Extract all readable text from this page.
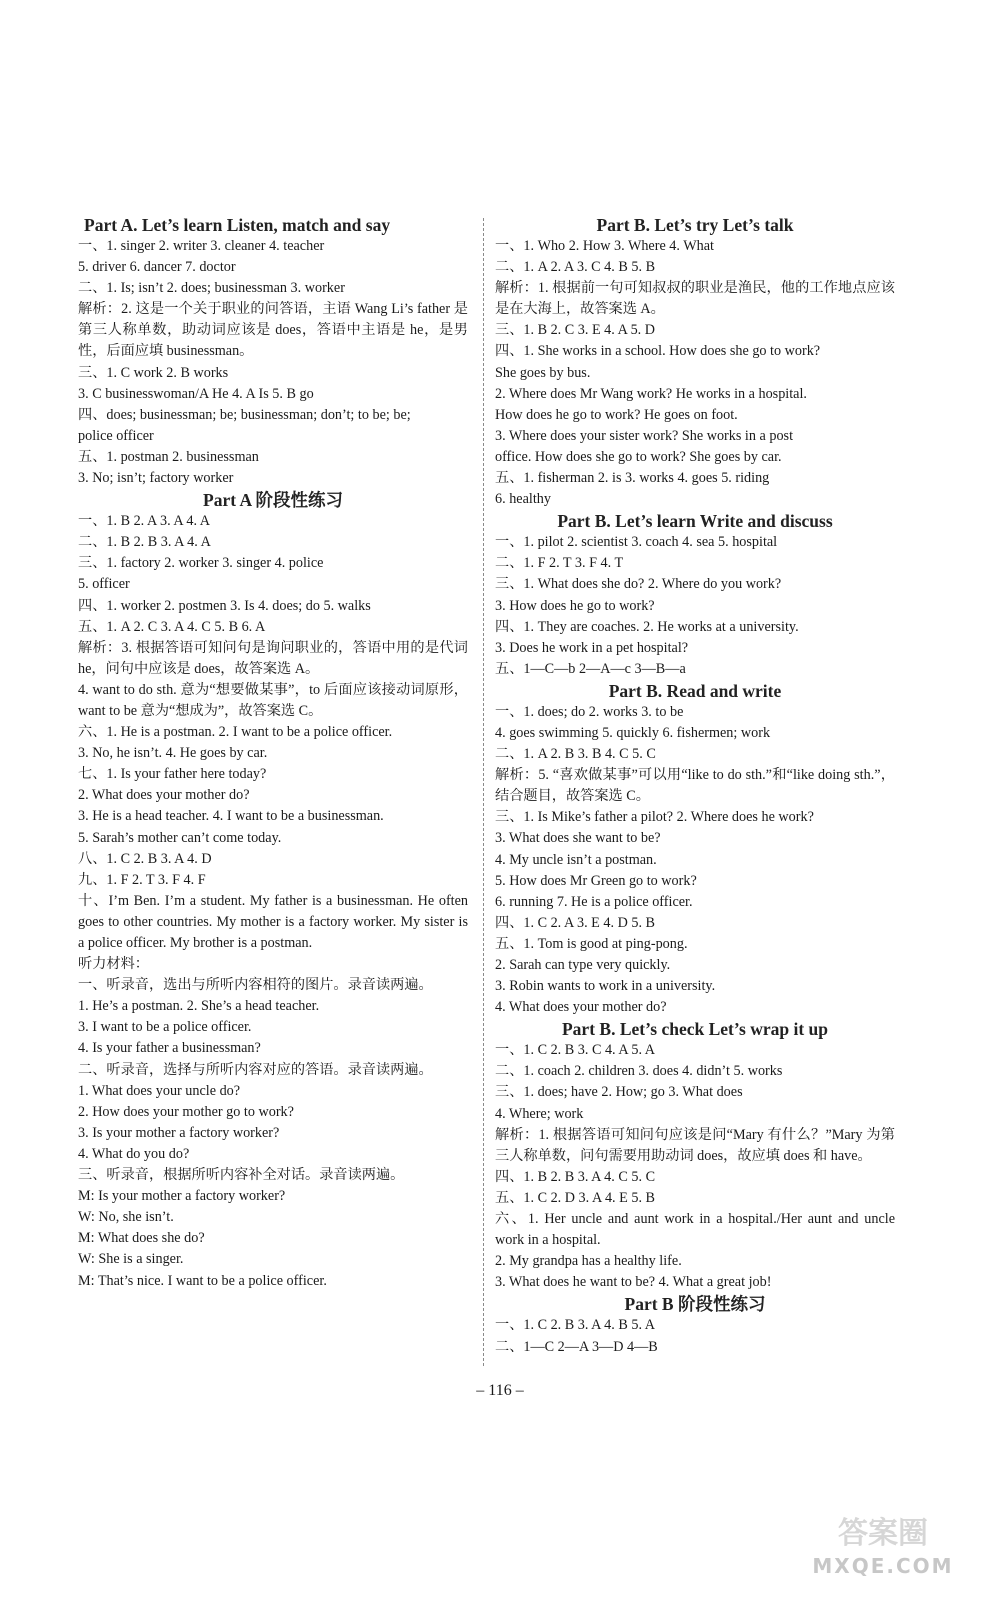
Part A. Let’s learn Listen, match and say
一、1. singer 2. writer 3. cleaner 4. teacher
5. driver 6. dancer 7. doctor
二、1. Is; isn’t 2. does; businessman 3. worker
解析：2. 这是一个关于职业的问答语，主语 Wang Li’s father 是第三人称单数，助动词应该是 does，答语中主语是 he，是男性，后面应填 businessman。
三、1. C work 2. B works
3. C businesswoman/A He 4. A Is 5. B go
四、does; businessman; be; businessman; don’t; to be; be;
police officer
五、1. postman 2. businessman
3. No; isn’t; factory worker
Part A 阶段性练习
一、1. B 2. A 3. A 4. A
二、1. B 2. B 3. A 4. A
三、1. factory 2. worker 3. singer 4. police
5. officer
四、1. worker 2. postmen 3. Is 4. does; do 5. walks
五、1. A 2. C 3. A 4. C 5. B 6. A
解析：3. 根据答语可知问句是询问职业的，答语中用的是代词 he，问句中应该是 does，故答案选 A。
4. want to do sth. 意为“想要做某事”，to 后面应该接动词原形，want to be 意为“想成为”，故答案选 C。
六、1. He is a postman. 2. I want to be a police officer.
3. No, he isn’t. 4. He goes by car.
七、1. Is your father here today?
2. What does your mother do?
3. He is a head teacher. 4. I want to be a businessman.
5. Sarah’s mother can’t come today.
八、1. C 2. B 3. A 4. D
九、1. F 2. T 3. F 4. F
十、I’m Ben. I’m a student. My father is a businessman. He often goes to other countries. My mother is a factory worker. My sister is a police officer. My brother is a postman.
听力材料：
一、听录音，选出与所听内容相符的图片。录音读两遍。
1. He’s a postman. 2. She’s a head teacher.
3. I want to be a police officer.
4. Is your father a businessman?
二、听录音，选择与所听内容对应的答语。录音读两遍。
1. What does your uncle do?
2. How does your mother go to work?
3. Is your mother a factory worker?
4. What do you do?
三、听录音，根据所听内容补全对话。录音读两遍。
M: Is your mother a factory worker?
W: No, she isn’t.
M: What does she do?
W: She is a singer.
M: That’s nice. I want to be a police officer.
Part B. Let’s try Let’s talk
一、1. Who 2. How 3. Where 4. What
二、1. A 2. A 3. C 4. B 5. B
解析：1. 根据前一句可知叔叔的职业是渔民，他的工作地点应该是在大海上，故答案选 A。
三、1. B 2. C 3. E 4. A 5. D
四、1. She works in a school. How does she go to work?
She goes by bus.
2. Where does Mr Wang work? He works in a hospital.
How does he go to work? He goes on foot.
3. Where does your sister work? She works in a post
office. How does she go to work? She goes by car.
五、1. fisherman 2. is 3. works 4. goes 5. riding
6. healthy
Part B. Let’s learn Write and discuss
一、1. pilot 2. scientist 3. coach 4. sea 5. hospital
二、1. F 2. T 3. F 4. T
三、1. What does she do? 2. Where do you work?
3. How does he go to work?
四、1. They are coaches. 2. He works at a university.
3. Does he work in a pet hospital?
五、1—C—b 2—A—c 3—B—a
Part B. Read and write
一、1. does; do 2. works 3. to be
4. goes swimming 5. quickly 6. fishermen; work
二、1. A 2. B 3. B 4. C 5. C
解析：5. “喜欢做某事”可以用“like to do sth.”和“like doing sth.”，结合题目，故答案选 C。
三、1. Is Mike’s father a pilot? 2. Where does he work?
3. What does she want to be?
4. My uncle isn’t a postman.
5. How does Mr Green go to work?
6. running 7. He is a police officer.
四、1. C 2. A 3. E 4. D 5. B
五、1. Tom is good at ping-pong.
2. Sarah can type very quickly.
3. Robin wants to work in a university.
4. What does your mother do?
Part B. Let’s check Let’s wrap it up
一、1. C 2. B 3. C 4. A 5. A
二、1. coach 2. children 3. does 4. didn’t 5. works
三、1. does; have 2. How; go 3. What does
4. Where; work
解析：1. 根据答语可知问句应该是问“Mary 有什么？”Mary 为第三人称单数，问句需要用助动词 does，故应填 does 和 have。
四、1. B 2. B 3. A 4. C 5. C
五、1. C 2. D 3. A 4. E 5. B
六、1. Her uncle and aunt work in a hospital./Her aunt and uncle work in a hospital.
2. My grandpa has a healthy life.
3. What does he want to be? 4. What a great job!
Part B 阶段性练习
一、1. C 2. B 3. A 4. B 5. A
二、1—C 2—A 3—D 4—B
– 116 –
答案圈
MXQE.COM
